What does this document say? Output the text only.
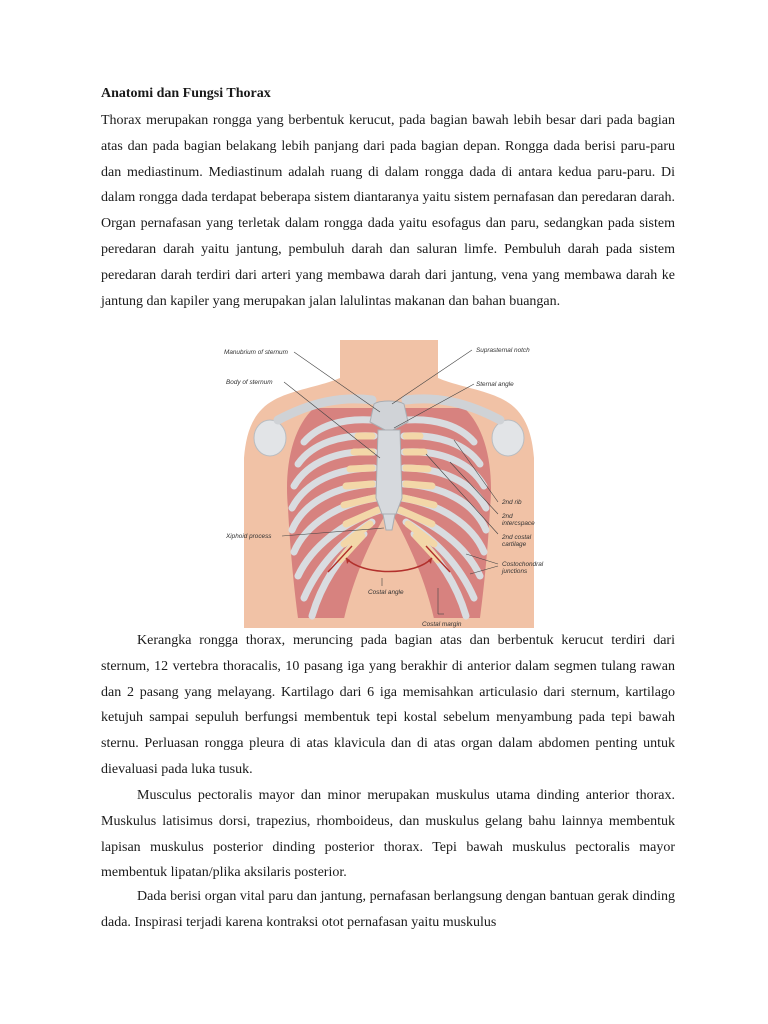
Anatomi dan Fungsi Thorax

Thorax merupakan rongga yang berbentuk kerucut, pada bagian bawah lebih besar dari pada bagian atas dan pada bagian belakang lebih panjang dari pada bagian depan. Rongga dada berisi paru-paru dan mediastinum. Mediastinum adalah ruang di dalam rongga dada di antara kedua paru-paru. Di dalam rongga dada terdapat beberapa sistem diantaranya yaitu sistem pernafasan dan peredaran darah. Organ pernafasan yang terletak dalam rongga dada yaitu esofagus dan paru, sedangkan pada sistem peredaran darah yaitu jantung, pembuluh darah dan saluran limfe. Pembuluh darah pada sistem peredaran darah terdiri dari arteri yang membawa darah dari jantung, vena yang membawa darah ke jantung dan kapiler yang merupakan jalan lalulintas makanan dan bahan buangan.

Manubrium of sternum
Body of sternum
Xiphoid process
Costal angle
Suprasternal notch
Sternal angle
2nd rib
2nd
intercspace
2nd costal
cartilage
Costochondral
junctions
Costal margin

Kerangka rongga thorax, meruncing pada bagian atas dan berbentuk kerucut terdiri dari sternum, 12 vertebra thoracalis, 10 pasang iga yang berakhir di anterior dalam segmen tulang rawan dan 2 pasang yang melayang. Kartilago dari 6 iga memisahkan articulasio dari sternum, kartilago ketujuh sampai sepuluh berfungsi membentuk tepi kostal sebelum menyambung pada tepi bawah sternu. Perluasan rongga pleura di atas klavicula dan di atas organ dalam abdomen penting untuk dievaluasi pada luka tusuk.

Musculus pectoralis mayor dan minor merupakan muskulus utama dinding anterior thorax. Muskulus latisimus dorsi, trapezius, rhomboideus, dan muskulus gelang bahu lainnya membentuk lapisan muskulus posterior dinding posterior thorax. Tepi bawah muskulus pectoralis mayor membentuk lipatan/plika aksilaris posterior.

Dada berisi organ vital paru dan jantung, pernafasan berlangsung dengan bantuan gerak dinding dada. Inspirasi terjadi karena kontraksi otot pernafasan yaitu muskulus
